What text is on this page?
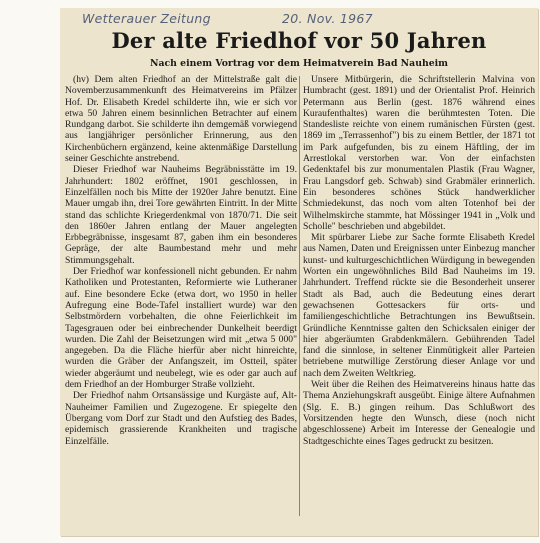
Wetterauer Zeitung	20. Nov. 1967
Der alte Friedhof vor 50 Jahren
Nach einem Vortrag vor dem Heimatverein Bad Nauheim

(hv) Dem alten Friedhof an der Mittelstraße galt die Novemberzusammenkunft des Heimatvereins im Pfälzer Hof. Dr. Elisabeth Kredel schilderte ihn, wie er sich vor etwa 50 Jahren einem besinnlichen Betrachter auf einem Rundgang darbot. Sie schilderte ihn demgemäß vorwiegend aus langjähriger persönlicher Erinnerung, aus den Kirchenbüchern ergänzend, keine aktenmäßige Darstellung seiner Geschichte anstrebend.

Dieser Friedhof war Nauheims Begräbnisstätte im 19. Jahrhundert: 1802 eröffnet, 1901 geschlossen, in Einzelfällen noch bis Mitte der 1920er Jahre benutzt. Eine Mauer umgab ihn, drei Tore gewährten Eintritt. In der Mitte stand das schlichte Kriegerdenkmal von 1870/71. Die seit den 1860er Jahren entlang der Mauer angelegten Erbbegräbnisse, insgesamt 87, gaben ihm ein besonderes Gepräge, der alte Baumbestand mehr und mehr Stimmungsgehalt.

Der Friedhof war konfessionell nicht gebunden. Er nahm Katholiken und Protestanten, Reformierte wie Lutheraner auf. Eine besondere Ecke (etwa dort, wo 1950 in heller Aufregung eine Bode-Tafel installiert wurde) war den Selbstmördern vorbehalten, die ohne Feierlichkeit im Tagesgrauen oder bei einbrechender Dunkelheit beerdigt wurden. Die Zahl der Beisetzungen wird mit „etwa 5 000" angegeben. Da die Fläche hierfür aber nicht hinreichte, wurden die Gräber der Anfangszeit, im Ostteil, später wieder abgeräumt und neubelegt, wie es oder gar auch auf dem Friedhof an der Homburger Straße vollzieht.

Der Friedhof nahm Ortsansässige und Kurgäste auf, Alt-Nauheimer Familien und Zugezogene. Er spiegelte den Übergang vom Dorf zur Stadt und den Aufstieg des Bades, epidemisch grassierende Krankheiten und tragische Einzelfälle.

Unsere Mitbürgerin, die Schriftstellerin Malvina von Humbracht (gest. 1891) und der Orientalist Prof. Heinrich Petermann aus Berlin (gest. 1876 während eines Kuraufenthaltes) waren die berühmtesten Toten. Die Standesliste reichte von einem rumänischen Fürsten (gest. 1869 im „Terrassenhof") bis zu einem Bettler, der 1871 tot im Park aufgefunden, bis zu einem Häftling, der im Arrestlokal verstorben war. Von der einfachsten Gedenktafel bis zur monumentalen Plastik (Frau Wagner, Frau Langsdorf geb. Schwab) sind Grabmäler erinnerlich. Ein besonderes schönes Stück handwerklicher Schmiedekunst, das noch vom alten Totenhof bei der Wilhelmskirche stammte, hat Mössinger 1941 in „Volk und Scholle" beschrieben und abgebildet.

Mit spürbarer Liebe zur Sache formte Elisabeth Kredel aus Namen, Daten und Ereignissen unter Einbezug mancher kunst- und kulturgeschichtlichen Würdigung in bewegenden Worten ein ungewöhnliches Bild Bad Nauheims im 19. Jahrhundert. Treffend rückte sie die Besonderheit unserer Stadt als Bad, auch die Bedeutung eines derart gewachsenen Gottesackers für orts- und familiengeschichtliche Betrachtungen ins Bewußtsein. Gründliche Kenntnisse galten den Schicksalen einiger der hier abgeräumten Grabdenkmälern. Gebührenden Tadel fand die sinnlose, in seltener Einmütigkeit aller Parteien betriebene mutwillige Zerstörung dieser Anlage vor und nach dem Zweiten Weltkrieg.

Weit über die Reihen des Heimatvereins hinaus hatte das Thema Anziehungskraft ausgeübt. Einige ältere Aufnahmen (Slg. E. B.) gingen reihum. Das Schlußwort des Vorsitzenden hegte den Wunsch, diese (noch nicht abgeschlossene) Arbeit im Interesse der Genealogie und Stadtgeschichte eines Tages gedruckt zu besitzen.
